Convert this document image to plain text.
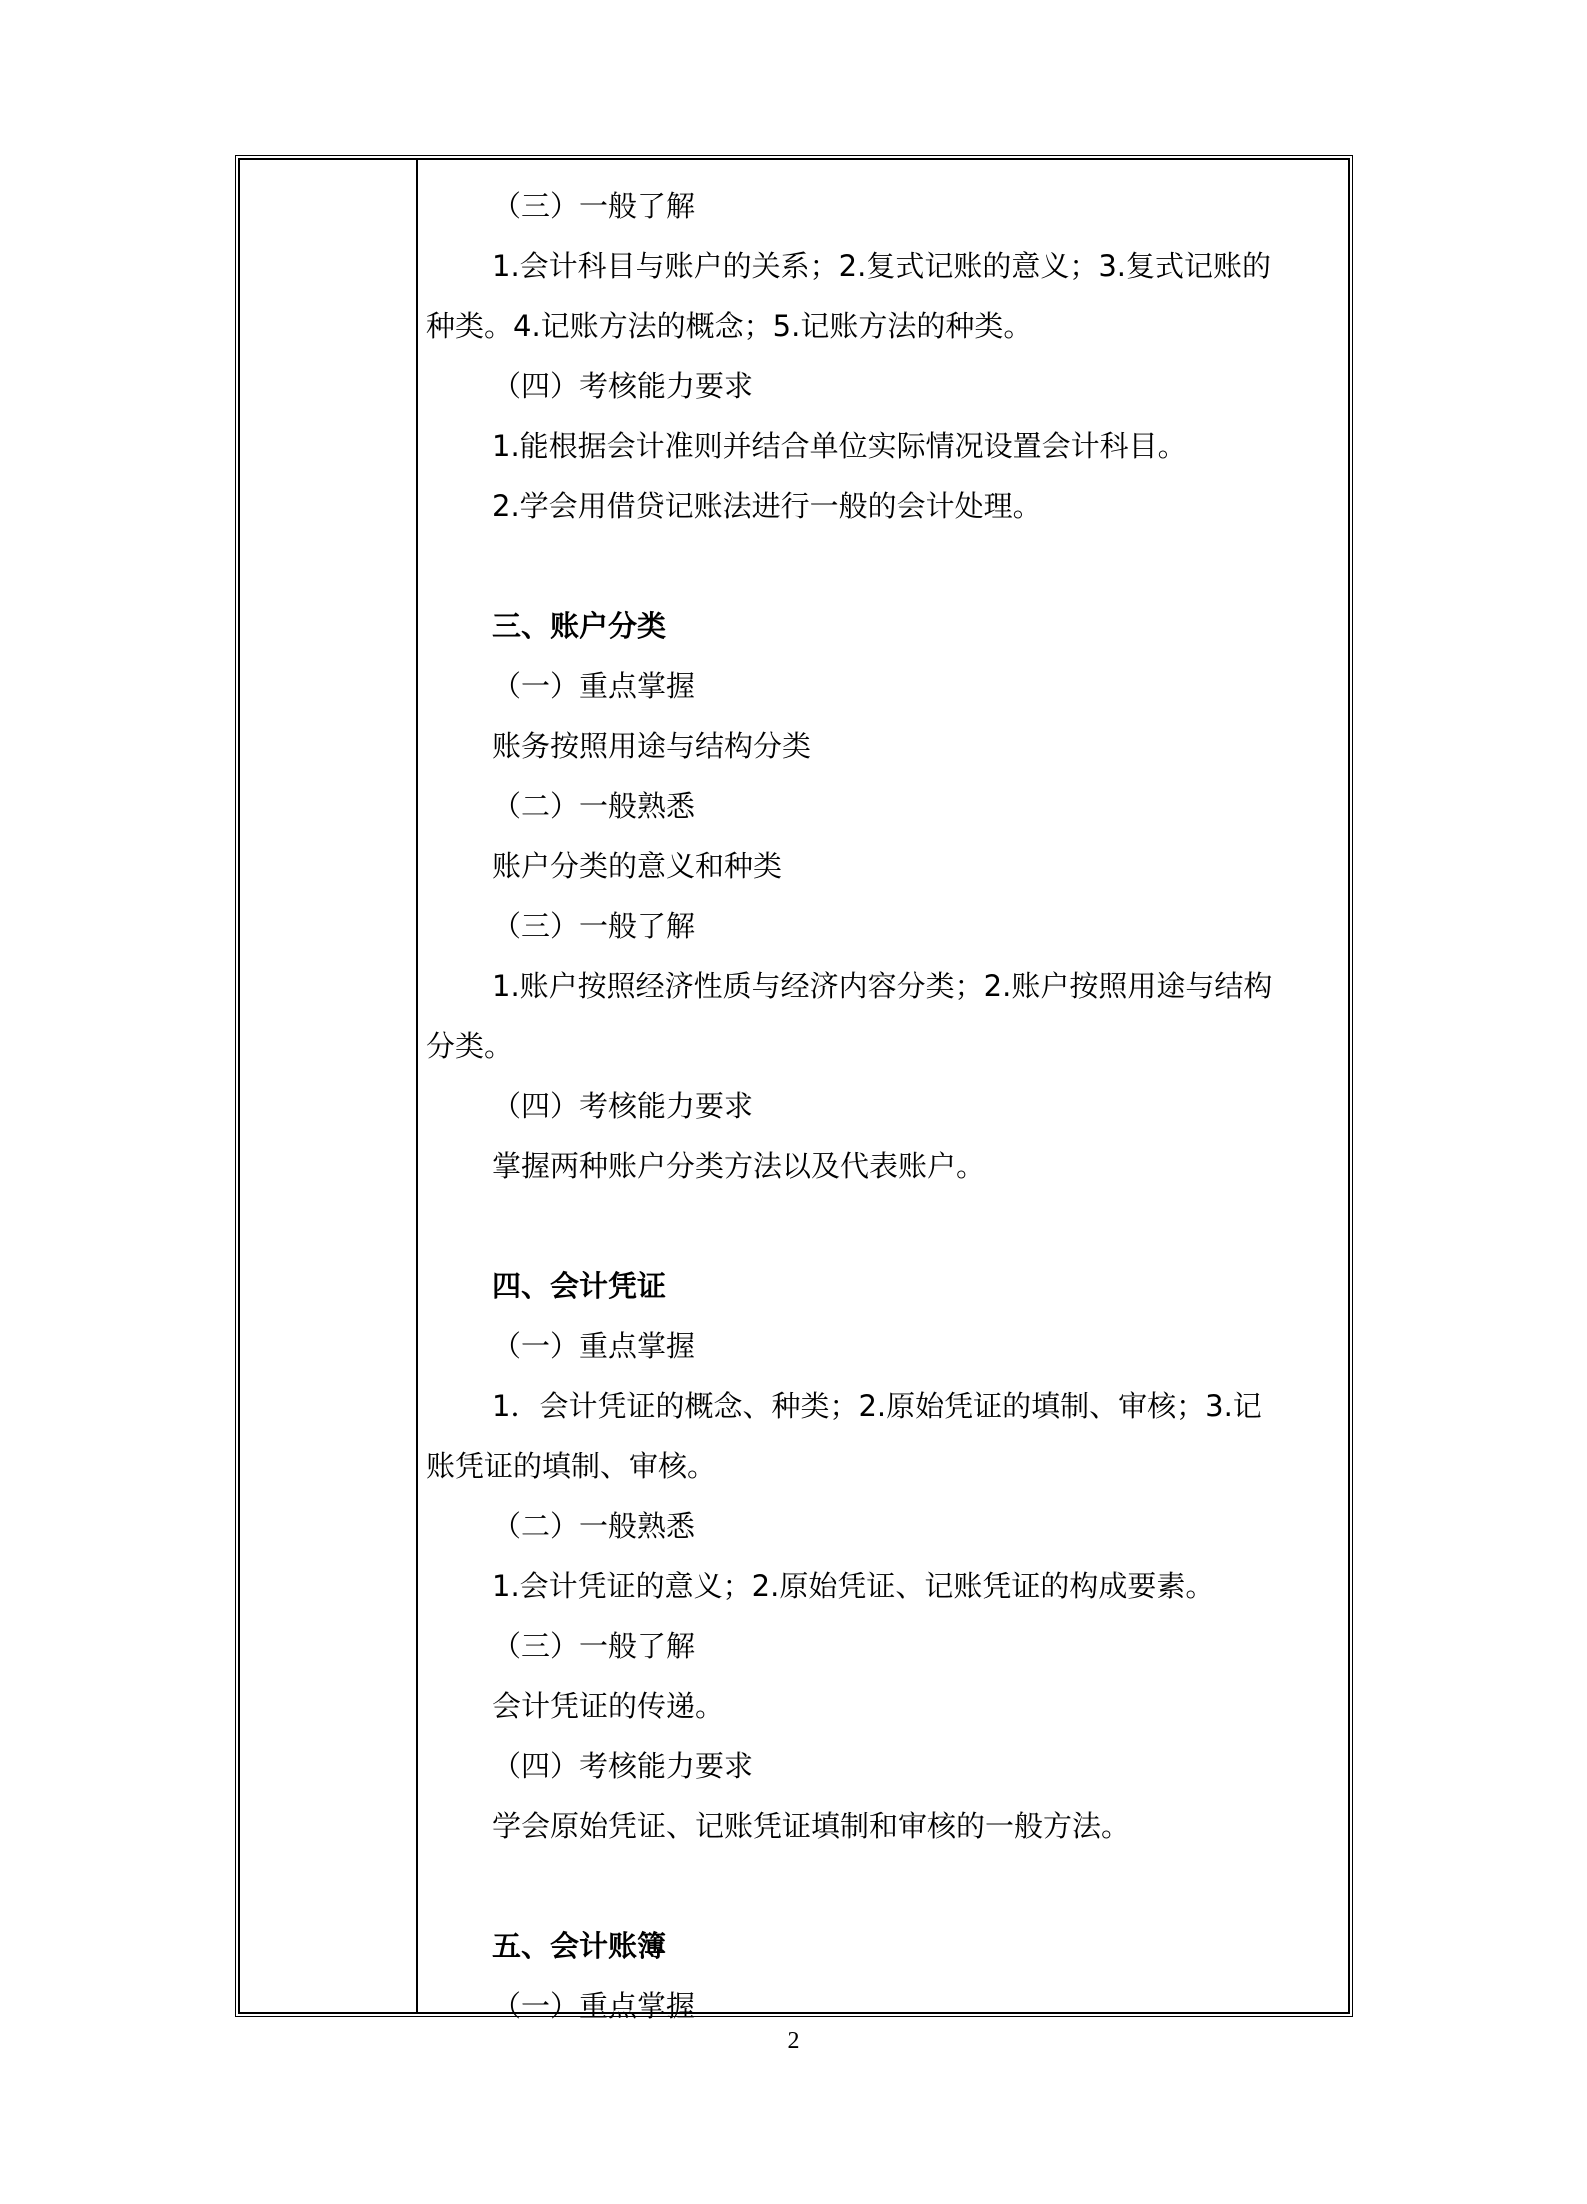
（三）一般了解
1.会计科目与账户的关系；2.复式记账的意义；3.复式记账的
种类。4.记账方法的概念；5.记账方法的种类。
（四）考核能力要求
1.能根据会计准则并结合单位实际情况设置会计科目。
2.学会用借贷记账法进行一般的会计处理。
三、账户分类
（一）重点掌握
账务按照用途与结构分类
（二）一般熟悉
账户分类的意义和种类
（三）一般了解
1.账户按照经济性质与经济内容分类；2.账户按照用途与结构
分类。
（四）考核能力要求
掌握两种账户分类方法以及代表账户。
四、会计凭证
（一）重点掌握
1．会计凭证的概念、种类；2.原始凭证的填制、审核；3.记
账凭证的填制、审核。
（二）一般熟悉
1.会计凭证的意义；2.原始凭证、记账凭证的构成要素。
（三）一般了解
会计凭证的传递。
（四）考核能力要求
学会原始凭证、记账凭证填制和审核的一般方法。
五、会计账簿
（一）重点掌握
2
